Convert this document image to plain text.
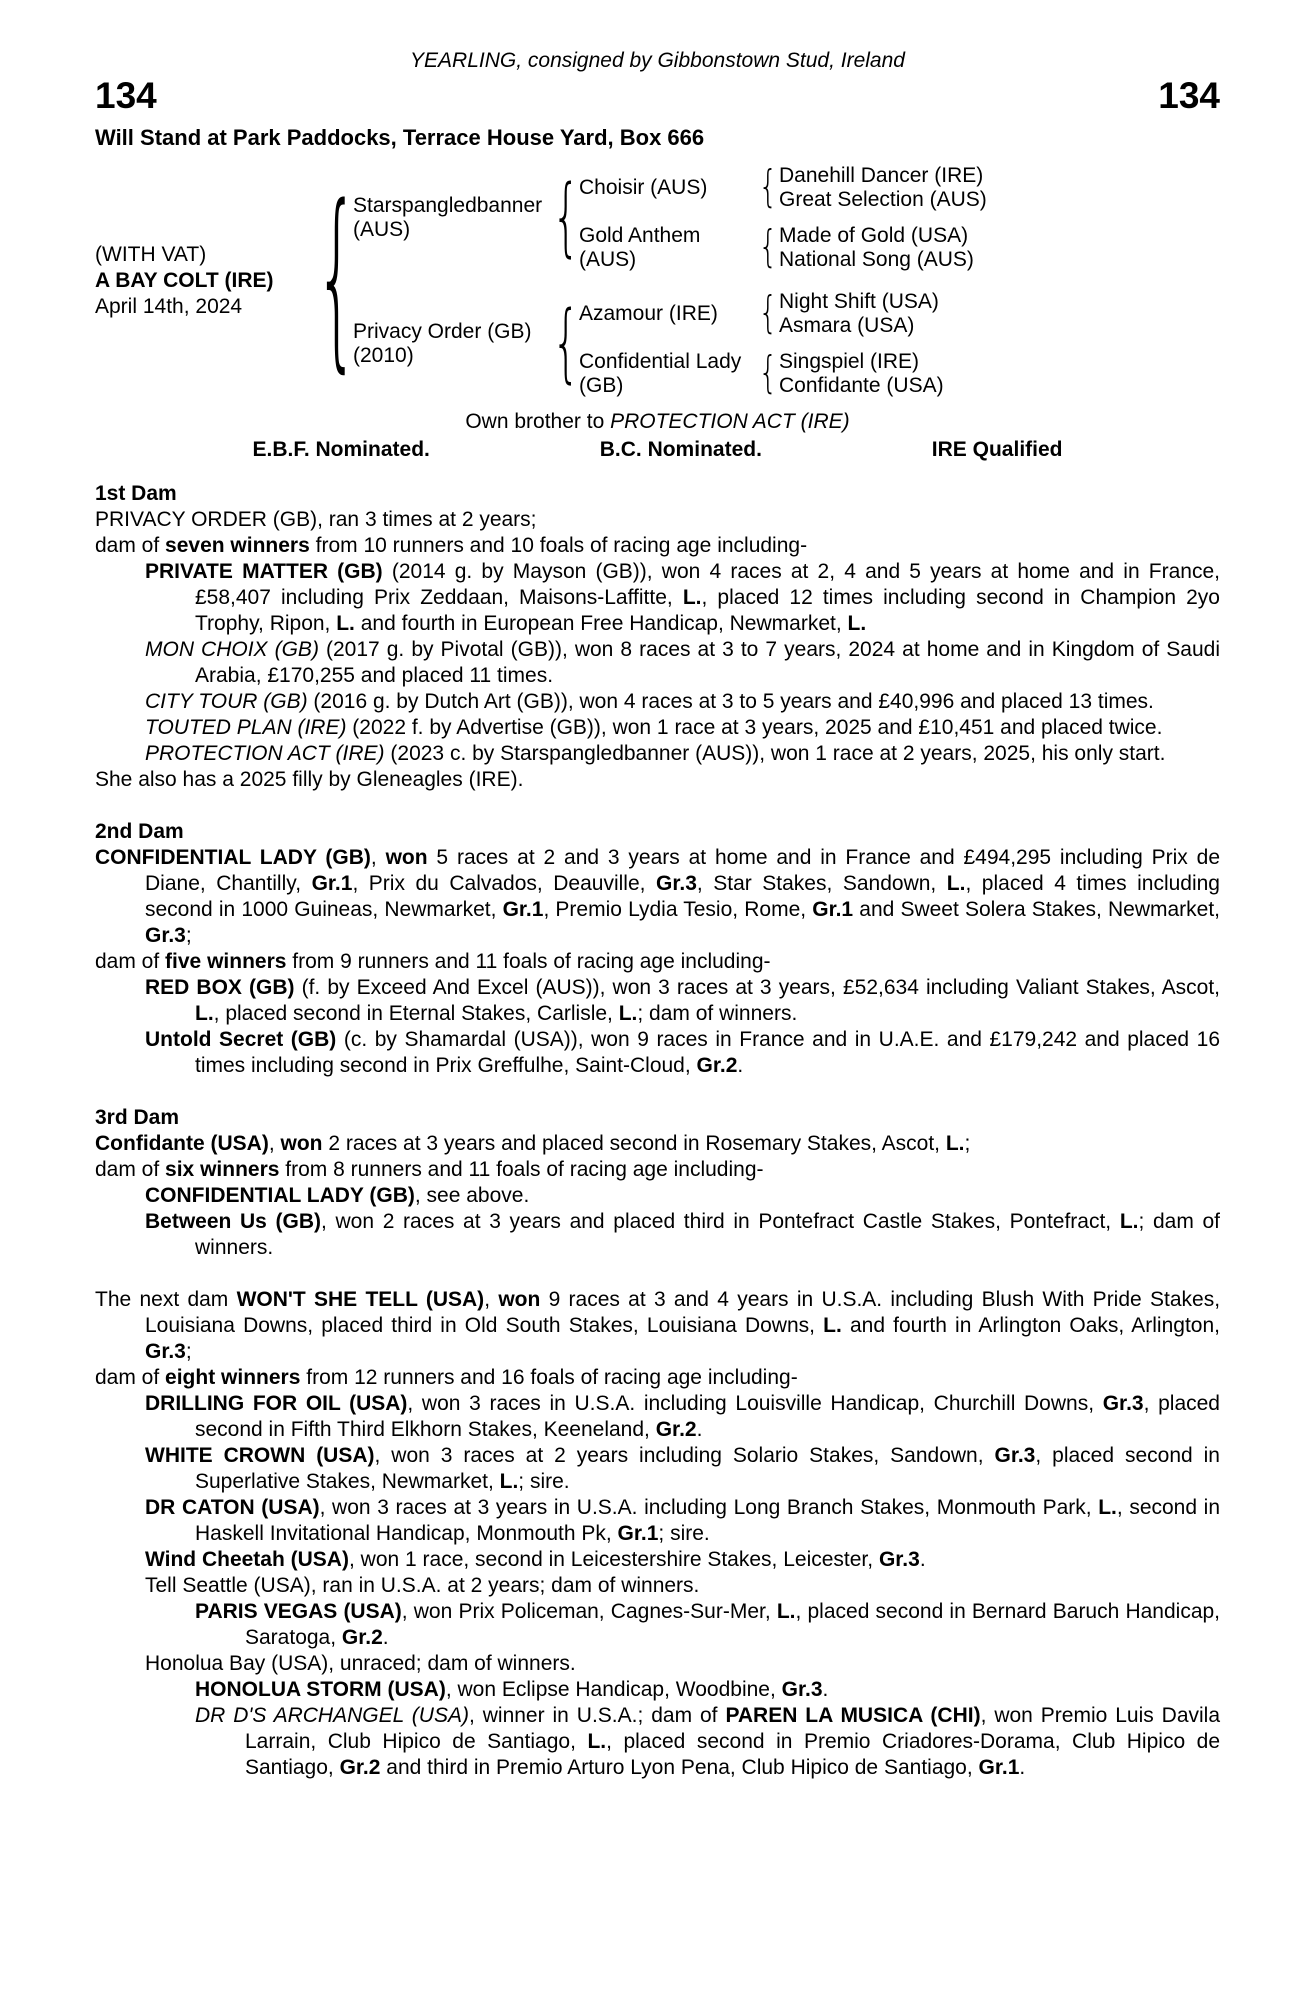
YEARLING, consigned by Gibbonstown Stud, Ireland
134	134
Will Stand at Park Paddocks, Terrace House Yard, Box 666
(WITH VAT)
A BAY COLT (IRE)
April 14th, 2024	{
Starspangledbanner (AUS)	{ Choisir (AUS)	{ Danehill Dancer (IRE)
Great Selection (AUS)
Gold Anthem (AUS)	{ Made of Gold (USA)
National Song (AUS)
Privacy Order (GB) (2010)	{ Azamour (IRE)	{ Night Shift (USA)
Asmara (USA)
Confidential Lady (GB)	{ Singspiel (IRE)
Confidante (USA)
Own brother to PROTECTION ACT (IRE)
E.B.F. Nominated.	B.C. Nominated.	IRE Qualified
1st Dam

PRIVACY ORDER (GB), ran 3 times at 2 years;

dam of seven winners from 10 runners and 10 foals of racing age including-

PRIVATE MATTER (GB) (2014 g. by Mayson (GB)), won 4 races at 2, 4 and 5 years at home and in France, £58,407 including Prix Zeddaan, Maisons-Laffitte, L., placed 12 times including second in Champion 2yo Trophy, Ripon, L. and fourth in European Free Handicap, Newmarket, L.

MON CHOIX (GB) (2017 g. by Pivotal (GB)), won 8 races at 3 to 7 years, 2024 at home and in Kingdom of Saudi Arabia, £170,255 and placed 11 times.

CITY TOUR (GB) (2016 g. by Dutch Art (GB)), won 4 races at 3 to 5 years and £40,996 and placed 13 times.

TOUTED PLAN (IRE) (2022 f. by Advertise (GB)), won 1 race at 3 years, 2025 and £10,451 and placed twice.

PROTECTION ACT (IRE) (2023 c. by Starspangledbanner (AUS)), won 1 race at 2 years, 2025, his only start.

She also has a 2025 filly by Gleneagles (IRE).

2nd Dam

CONFIDENTIAL LADY (GB), won 5 races at 2 and 3 years at home and in France and £494,295 including Prix de Diane, Chantilly, Gr.1, Prix du Calvados, Deauville, Gr.3, Star Stakes, Sandown, L., placed 4 times including second in 1000 Guineas, Newmarket, Gr.1, Premio Lydia Tesio, Rome, Gr.1 and Sweet Solera Stakes, Newmarket, Gr.3;

dam of five winners from 9 runners and 11 foals of racing age including-

RED BOX (GB) (f. by Exceed And Excel (AUS)), won 3 races at 3 years, £52,634 including Valiant Stakes, Ascot, L., placed second in Eternal Stakes, Carlisle, L.; dam of winners.

Untold Secret (GB) (c. by Shamardal (USA)), won 9 races in France and in U.A.E. and £179,242 and placed 16 times including second in Prix Greffulhe, Saint-Cloud, Gr.2.

3rd Dam

Confidante (USA), won 2 races at 3 years and placed second in Rosemary Stakes, Ascot, L.;

dam of six winners from 8 runners and 11 foals of racing age including-

CONFIDENTIAL LADY (GB), see above.

Between Us (GB), won 2 races at 3 years and placed third in Pontefract Castle Stakes, Pontefract, L.; dam of winners.

The next dam WON'T SHE TELL (USA), won 9 races at 3 and 4 years in U.S.A. including Blush With Pride Stakes, Louisiana Downs, placed third in Old South Stakes, Louisiana Downs, L. and fourth in Arlington Oaks, Arlington, Gr.3;

dam of eight winners from 12 runners and 16 foals of racing age including-

DRILLING FOR OIL (USA), won 3 races in U.S.A. including Louisville Handicap, Churchill Downs, Gr.3, placed second in Fifth Third Elkhorn Stakes, Keeneland, Gr.2.

WHITE CROWN (USA), won 3 races at 2 years including Solario Stakes, Sandown, Gr.3, placed second in Superlative Stakes, Newmarket, L.; sire.

DR CATON (USA), won 3 races at 3 years in U.S.A. including Long Branch Stakes, Monmouth Park, L., second in Haskell Invitational Handicap, Monmouth Pk, Gr.1; sire.

Wind Cheetah (USA), won 1 race, second in Leicestershire Stakes, Leicester, Gr.3.

Tell Seattle (USA), ran in U.S.A. at 2 years; dam of winners.

PARIS VEGAS (USA), won Prix Policeman, Cagnes-Sur-Mer, L., placed second in Bernard Baruch Handicap, Saratoga, Gr.2.

Honolua Bay (USA), unraced; dam of winners.

HONOLUA STORM (USA), won Eclipse Handicap, Woodbine, Gr.3.

DR D'S ARCHANGEL (USA), winner in U.S.A.; dam of PAREN LA MUSICA (CHI), won Premio Luis Davila Larrain, Club Hipico de Santiago, L., placed second in Premio Criadores-Dorama, Club Hipico de Santiago, Gr.2 and third in Premio Arturo Lyon Pena, Club Hipico de Santiago, Gr.1.
